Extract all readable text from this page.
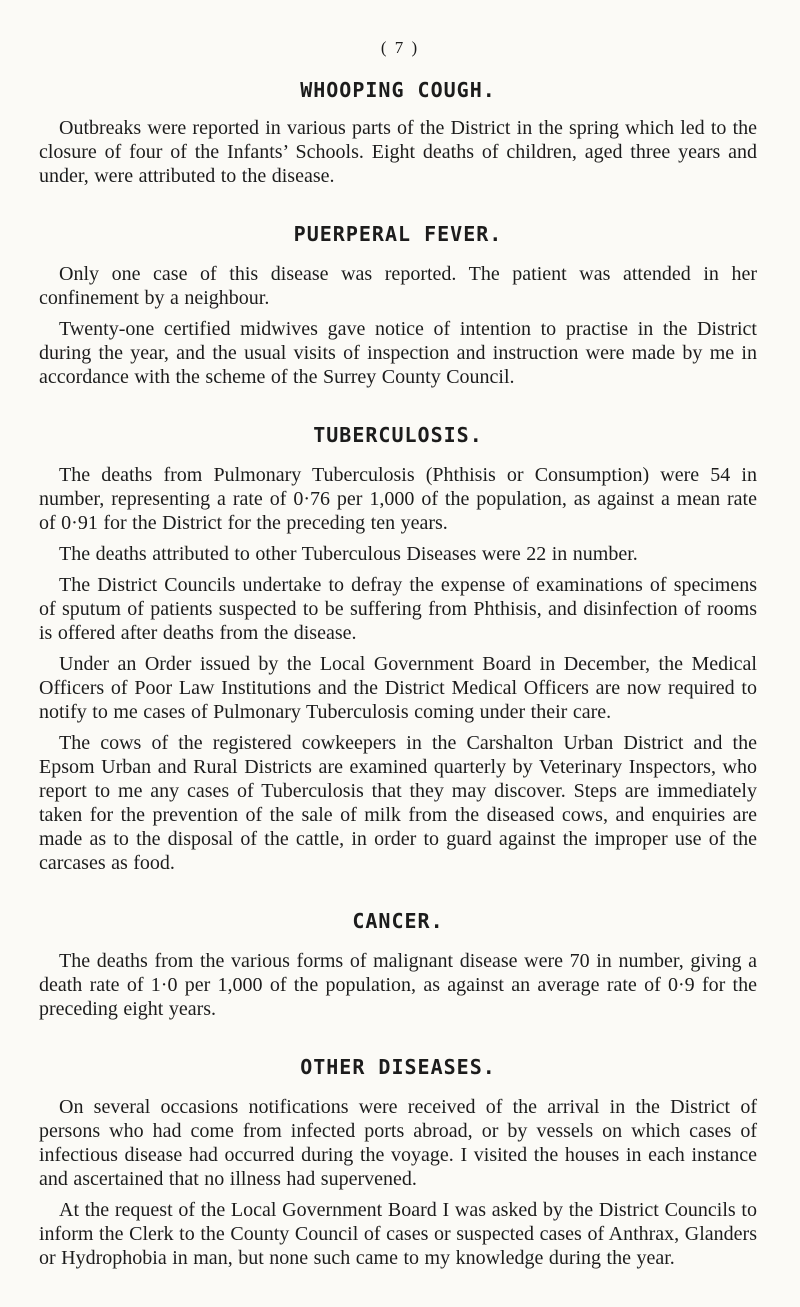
( 7 )
WHOOPING COUGH.

Outbreaks were reported in various parts of the District in the spring which led to the closure of four of the Infants’ Schools. Eight deaths of children, aged three years and under, were attributed to the disease.

PUERPERAL FEVER.

Only one case of this disease was reported. The patient was attended in her confinement by a neighbour.

Twenty-one certified midwives gave notice of intention to practise in the District during the year, and the usual visits of inspection and instruction were made by me in accordance with the scheme of the Surrey County Council.

TUBERCULOSIS.

The deaths from Pulmonary Tuberculosis (Phthisis or Consumption) were 54 in number, representing a rate of 0·76 per 1,000 of the population, as against a mean rate of 0·91 for the District for the preceding ten years.

The deaths attributed to other Tuberculous Diseases were 22 in number.

The District Councils undertake to defray the expense of examinations of specimens of sputum of patients suspected to be suffering from Phthisis, and disinfection of rooms is offered after deaths from the disease.

Under an Order issued by the Local Government Board in December, the Medical Officers of Poor Law Institutions and the District Medical Officers are now required to notify to me cases of Pulmonary Tuberculosis coming under their care.

The cows of the registered cowkeepers in the Carshalton Urban District and the Epsom Urban and Rural Districts are examined quarterly by Veterinary Inspectors, who report to me any cases of Tuberculosis that they may discover. Steps are immediately taken for the prevention of the sale of milk from the diseased cows, and enquiries are made as to the disposal of the cattle, in order to guard against the improper use of the carcases as food.

CANCER.

The deaths from the various forms of malignant disease were 70 in number, giving a death rate of 1·0 per 1,000 of the population, as against an average rate of 0·9 for the preceding eight years.

OTHER DISEASES.

On several occasions notifications were received of the arrival in the District of persons who had come from infected ports abroad, or by vessels on which cases of infectious disease had occurred during the voyage. I visited the houses in each instance and ascertained that no illness had supervened.

At the request of the Local Government Board I was asked by the District Councils to inform the Clerk to the County Council of cases or suspected cases of Anthrax, Glanders or Hydrophobia in man, but none such came to my knowledge during the year.
